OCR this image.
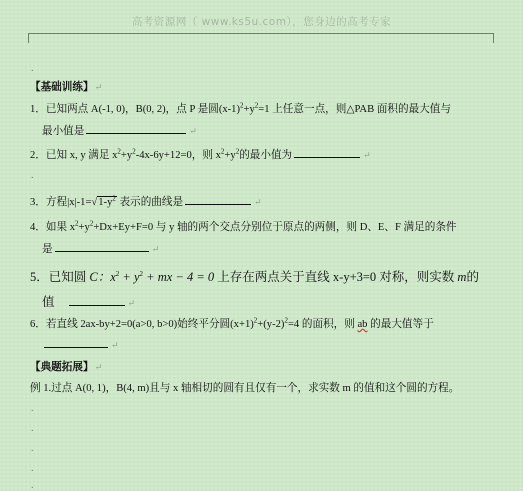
高考资源网（ www.ks5u.com），您身边的高考专家
.
【基础训练】↵
1．已知两点 A(-1, 0)，B(0, 2)，点 P 是圆$(x-1)^2+y^2=1$ 上任意一点，则△PAB 面积的最大值与
最小值是	↵
2．已知 x, y 满足 $x^2+y^2-4x-6y+12=0$，则 $x^2+y^2$的最小值为	↵
.
3．方程$|x|-1=√1-y^2$ 表示的曲线是	↵
4．如果 $x^2+y^2+Dx+Ey+F=0$ 与 y 轴的两个交点分别位于原点的两侧，则 D、E、F 满足的条件
是	↵
5．已知圆 C：$x^2 + y^2$ + mx − 4 = 0 上存在两点关于直线 x-y+3=0 对称，则实数 m的
值	↵
6．若直线 2ax-by+2=0(a>0, b>0)始终平分圆$(x+1)^2+(y-2)^2=4$ 的面积，则 ab 的最大值等于
↵
【典题拓展】↵
例 1.过点 A(0, 1)，B(4, m)且与 x 轴相切的圆有且仅有一个，求实数 m 的值和这个圆的方程。
.
.
.
.
.
